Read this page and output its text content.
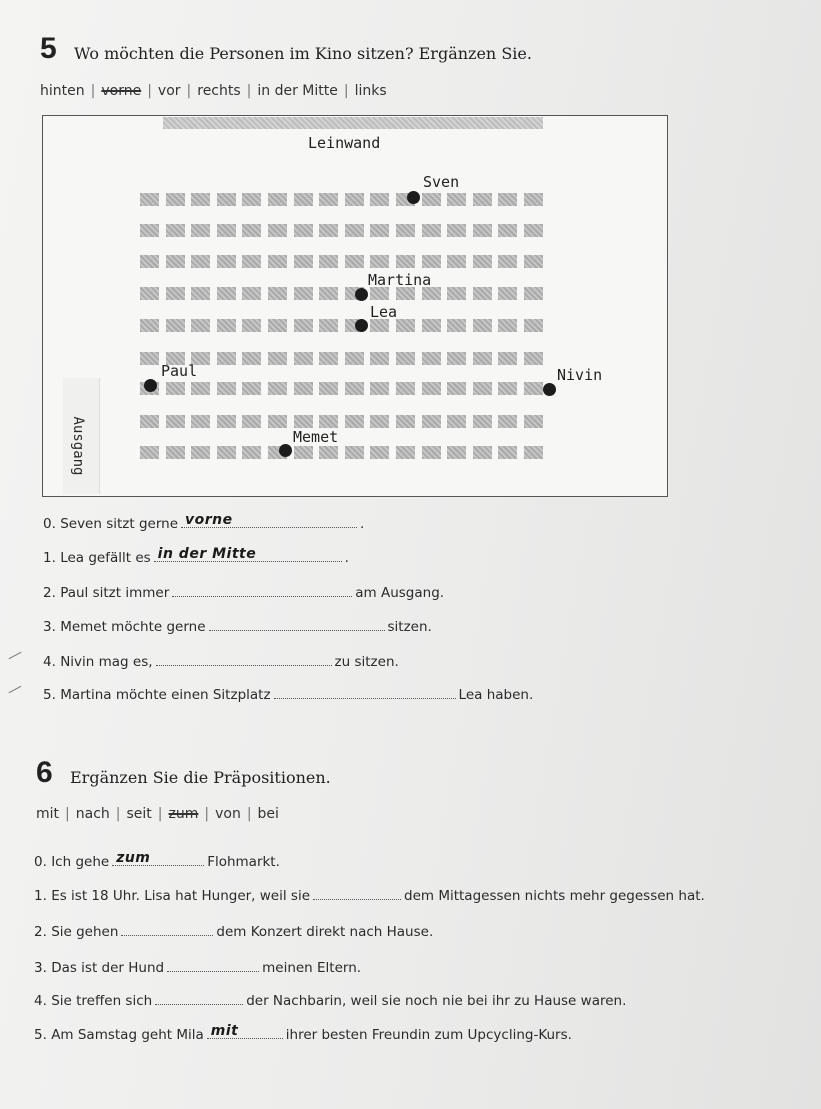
5 Wo möchten die Personen im Kino sitzen? Ergänzen Sie.
hinten | vorne | vor | rechts | in der Mitte | links
Leinwand
Ausgang
Sven
Martina
Lea
Paul	Nivin
Memet
0. Seven sitzt gerne vorne	.
1. Lea gefällt es in der Mitte	.
2. Paul sitzt immer	am Ausgang.
3. Memet möchte gerne	sitzen.
4. Nivin mag es,	zu sitzen.
5. Martina möchte einen Sitzplatz	Lea haben.
6 Ergänzen Sie die Präpositionen.
mit | nach | seit | zum | von | bei
0. Ich gehe zum	Flohmarkt.
1. Es ist 18 Uhr. Lisa hat Hunger, weil sie	dem Mittagessen nichts mehr gegessen hat.
2. Sie gehen	dem Konzert direkt nach Hause.
3. Das ist der Hund	meinen Eltern.
4. Sie treffen sich	der Nachbarin, weil sie noch nie bei ihr zu Hause waren.
5. Am Samstag geht Mila mit	ihrer besten Freundin zum Upcycling-Kurs.
